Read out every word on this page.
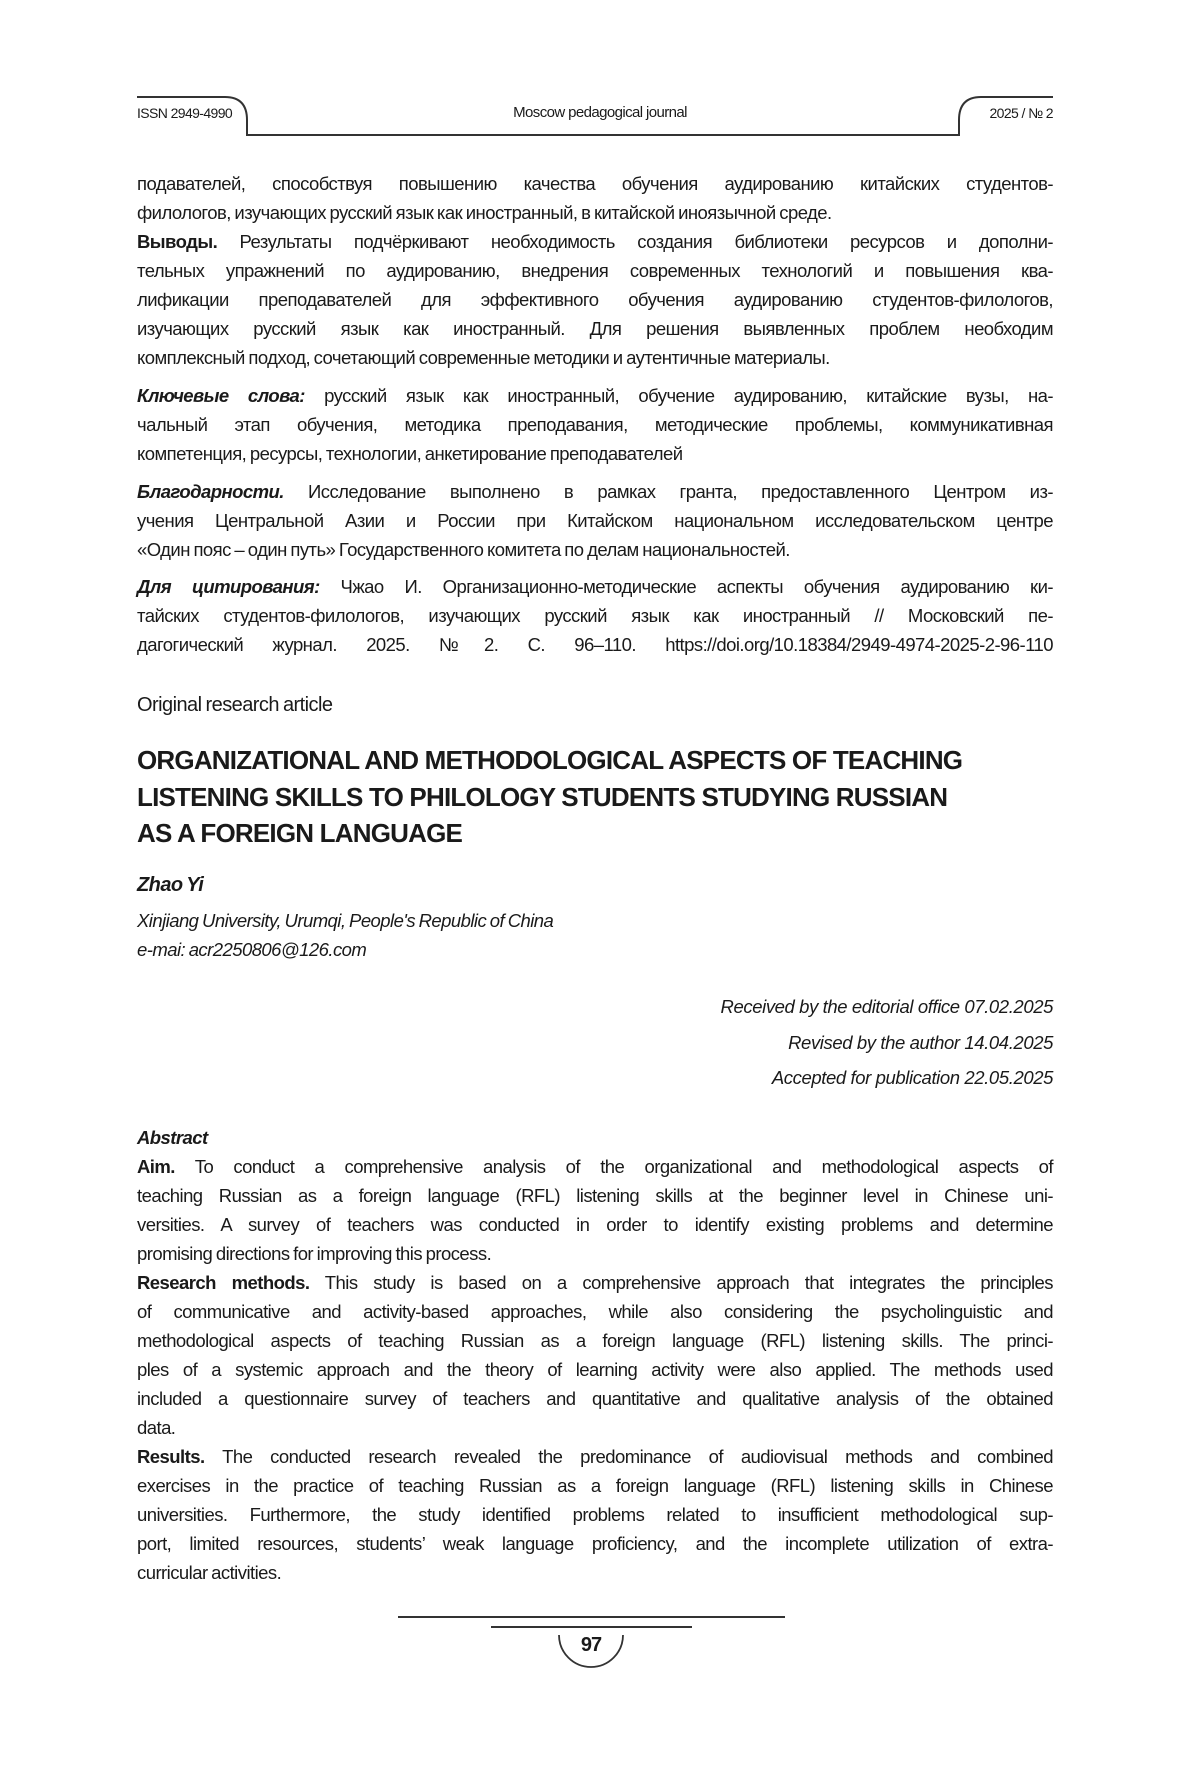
ISSN 2949-4990	Moscow pedagogical journal	2025 / № 2
подавателей, способствуя повышению качества обучения аудированию китайских студентов-
филологов, изучающих русский язык как иностранный, в китайской иноязычной среде.
Выводы. Результаты подчёркивают необходимость создания библиотеки ресурсов и дополни-
тельных упражнений по аудированию, внедрения современных технологий и повышения ква-
лификации преподавателей для эффективного обучения аудированию студентов-филологов,
изучающих русский язык как иностранный. Для решения выявленных проблем необходим
комплексный подход, сочетающий современные методики и аутентичные материалы.
Ключевые слова: русский язык как иностранный, обучение аудированию, китайские вузы, на-
чальный этап обучения, методика преподавания, методические проблемы, коммуникативная
компетенция, ресурсы, технологии, анкетирование преподавателей
Благодарности. Исследование выполнено в рамках гранта, предоставленного Центром из-
учения Центральной Азии и России при Китайском национальном исследовательском центре
«Один пояс – один путь» Государственного комитета по делам национальностей.
Для цитирования: Чжао И. Организационно-методические аспекты обучения аудированию ки-
тайских студентов-филологов, изучающих русский язык как иностранный // Московский пе-
дагогический журнал. 2025. №2. С. 96–110. https://doi.org/10.18384/2949-4974-2025-2-96-110
Original research article
ORGANIZATIONAL AND METHODOLOGICAL ASPECTS OF TEACHING
LISTENING SKILLS TO PHILOLOGY STUDENTS STUDYING RUSSIAN
AS A FOREIGN LANGUAGE
Zhao Yi
Xinjiang University, Urumqi, People's Republic of China
e-mai: acr2250806@126.com
Received by the editorial office 07.02.2025
Revised by the author 14.04.2025
Accepted for publication 22.05.2025
Abstract
Aim. To conduct a comprehensive analysis of the organizational and methodological aspects of
teaching Russian as a foreign language (RFL) listening skills at the beginner level in Chinese uni-
versities. A survey of teachers was conducted in order to identify existing problems and determine
promising directions for improving this process.
Research methods. This study is based on a comprehensive approach that integrates the principles
of communicative and activity-based approaches, while also considering the psycholinguistic and
methodological aspects of teaching Russian as a foreign language (RFL) listening skills. The princi-
ples of a systemic approach and the theory of learning activity were also applied. The methods used
included a questionnaire survey of teachers and quantitative and qualitative analysis of the obtained
data.
Results. The conducted research revealed the predominance of audiovisual methods and combined
exercises in the practice of teaching Russian as a foreign language (RFL) listening skills in Chinese
universities. Furthermore, the study identified problems related to insufficient methodological sup-
port, limited resources, students’ weak language proficiency, and the incomplete utilization of extra-
curricular activities.
97
